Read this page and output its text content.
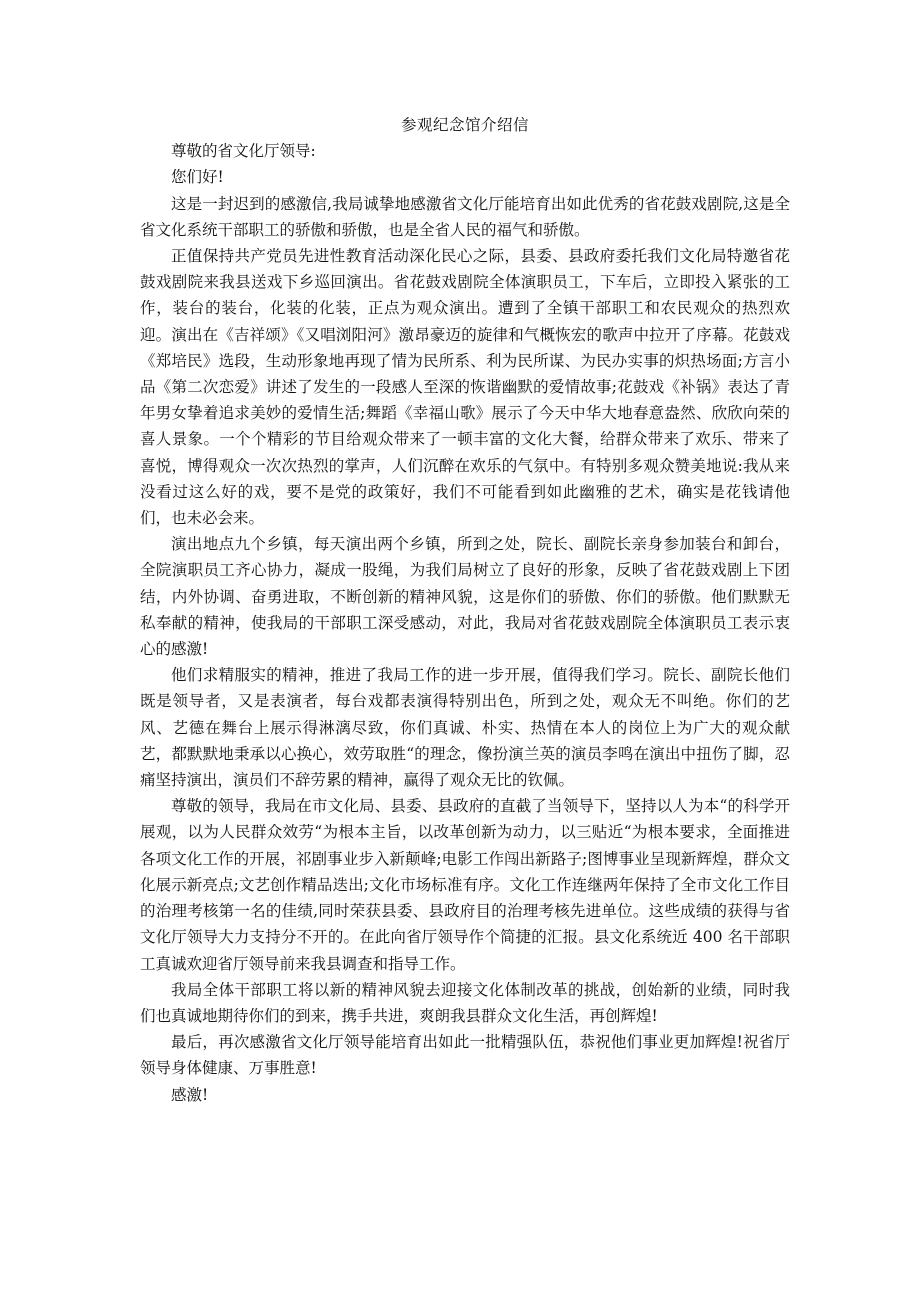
参观纪念馆介绍信

尊敬的省文化厅领导:

您们好!

这是一封迟到的感激信,我局诚挚地感激省文化厅能培育出如此优秀的省花鼓戏剧院,这是全省文化系统干部职工的骄傲和骄傲，也是全省人民的福气和骄傲。

正值保持共产党员先进性教育活动深化民心之际，县委、县政府委托我们文化局特邀省花鼓戏剧院来我县送戏下乡巡回演出。省花鼓戏剧院全体演职员工，下车后，立即投入紧张的工作，装台的装台，化装的化装，正点为观众演出。遭到了全镇干部职工和农民观众的热烈欢迎。演出在《吉祥颂》《又唱浏阳河》激昂豪迈的旋律和气概恢宏的歌声中拉开了序幕。花鼓戏《郑培民》选段，生动形象地再现了情为民所系、利为民所谋、为民办实事的炽热场面;方言小品《第二次恋爱》讲述了发生的一段感人至深的恢谐幽默的爱情故事;花鼓戏《补锅》表达了青年男女挚着追求美妙的爱情生活;舞蹈《幸福山歌》展示了今天中华大地春意盎然、欣欣向荣的喜人景象。一个个精彩的节目给观众带来了一顿丰富的文化大餐，给群众带来了欢乐、带来了喜悦，博得观众一次次热烈的掌声，人们沉醉在欢乐的气氛中。有特别多观众赞美地说:我从来没看过这么好的戏，要不是党的政策好，我们不可能看到如此幽雅的艺术，确实是花钱请他们，也未必会来。

演出地点九个乡镇，每天演出两个乡镇，所到之处，院长、副院长亲身参加装台和卸台，全院演职员工齐心协力，凝成一股绳，为我们局树立了良好的形象，反映了省花鼓戏剧上下团结，内外协调、奋勇进取，不断创新的精神风貌，这是你们的骄傲、你们的骄傲。他们默默无私奉献的精神，使我局的干部职工深受感动，对此，我局对省花鼓戏剧院全体演职员工表示衷心的感激!

他们求精服实的精神，推进了我局工作的进一步开展，值得我们学习。院长、副院长他们既是领导者，又是表演者，每台戏都表演得特别出色，所到之处，观众无不叫绝。你们的艺风、艺德在舞台上展示得淋漓尽致，你们真诚、朴实、热情在本人的岗位上为广大的观众献艺，都默默地秉承以心换心，效劳取胜“的理念，像扮演兰英的演员李鸣在演出中扭伤了脚，忍痛坚持演出，演员们不辞劳累的精神，赢得了观众无比的钦佩。

尊敬的领导，我局在市文化局、县委、县政府的直截了当领导下，坚持以人为本“的科学开展观，以为人民群众效劳“为根本主旨，以改革创新为动力，以三贴近“为根本要求，全面推进各项文化工作的开展，祁剧事业步入新颠峰;电影工作闯出新路子;图博事业呈现新辉煌，群众文化展示新亮点;文艺创作精品迭出;文化市场标准有序。文化工作连继两年保持了全市文化工作目的治理考核第一名的佳绩,同时荣获县委、县政府目的治理考核先进单位。这些成绩的获得与省文化厅领导大力支持分不开的。在此向省厅领导作个简捷的汇报。县文化系统近 400 名干部职工真诚欢迎省厅领导前来我县调查和指导工作。

我局全体干部职工将以新的精神风貌去迎接文化体制改革的挑战，创始新的业绩，同时我们也真诚地期待你们的到来，携手共进，爽朗我县群众文化生活，再创辉煌!

最后，再次感激省文化厅领导能培育出如此一批精强队伍，恭祝他们事业更加辉煌!祝省厅领导身体健康、万事胜意!

感激!
